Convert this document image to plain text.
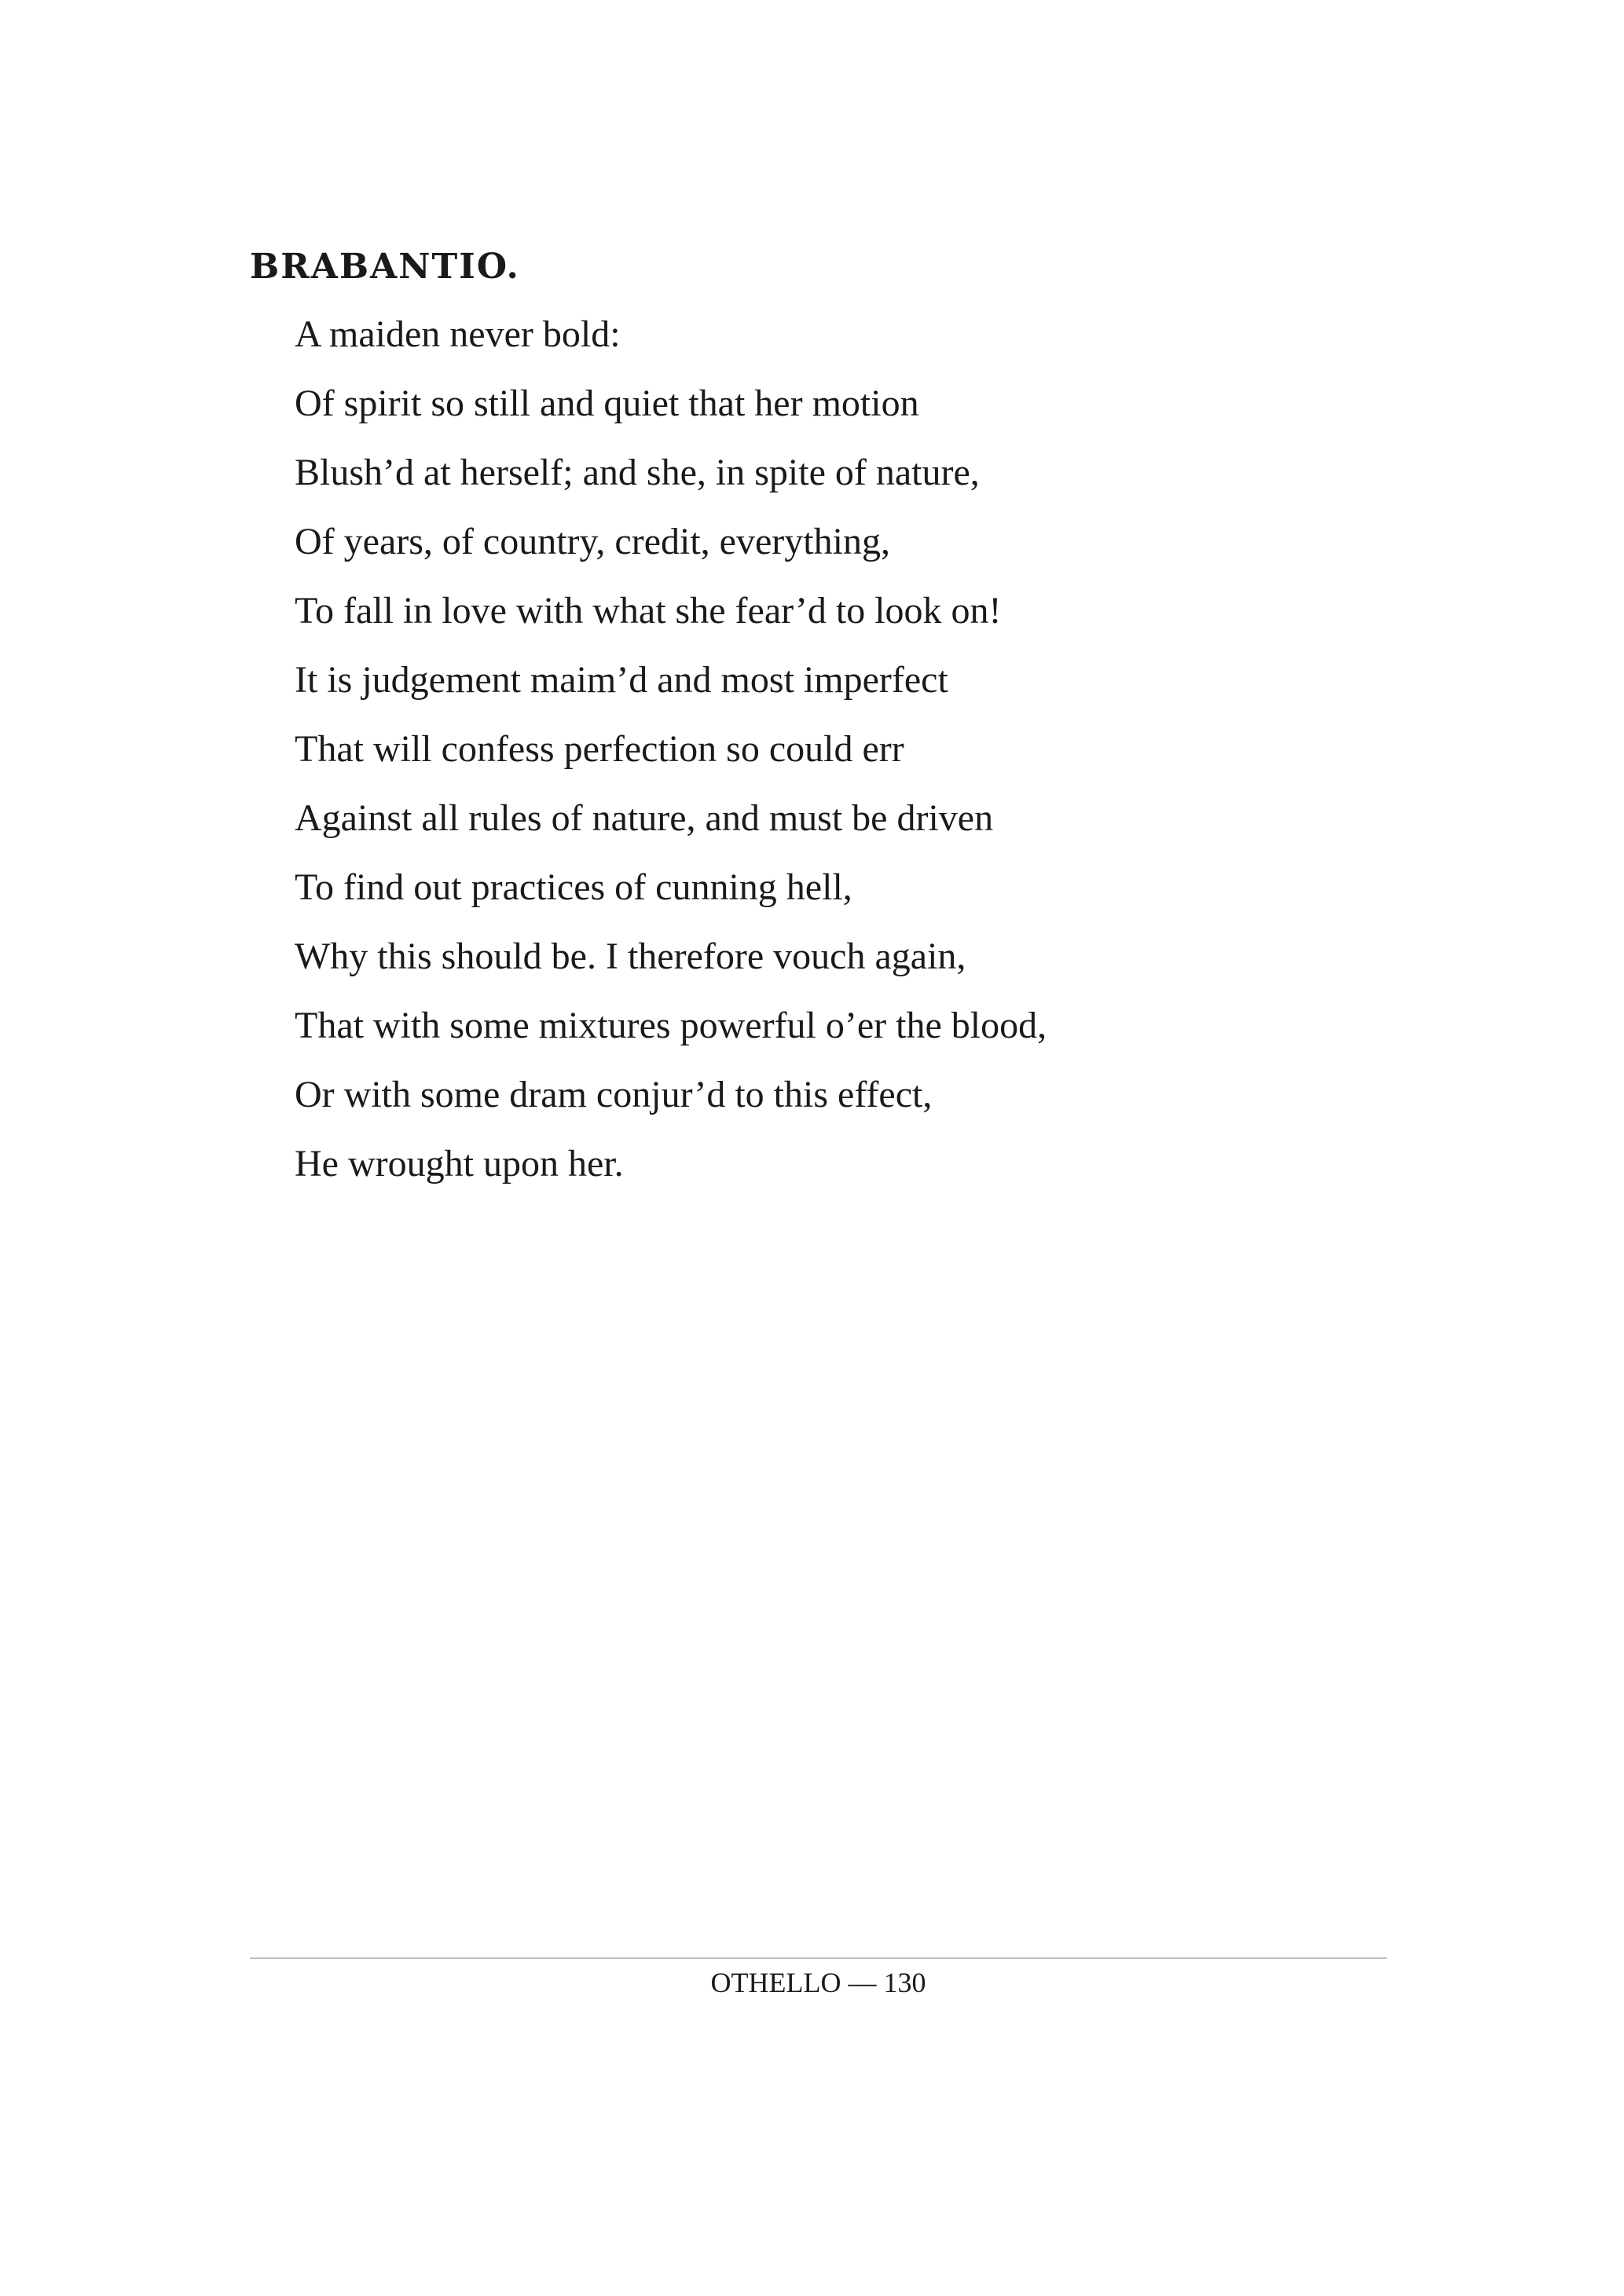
BRABANTIO.

A maiden never bold:
Of spirit so still and quiet that her motion
Blush’d at herself; and she, in spite of nature,
Of years, of country, credit, everything,
To fall in love with what she fear’d to look on!
It is judgement maim’d and most imperfect
That will confess perfection so could err
Against all rules of nature, and must be driven
To find out practices of cunning hell,
Why this should be. I therefore vouch again,
That with some mixtures powerful o’er the blood,
Or with some dram conjur’d to this effect,
He wrought upon her.
OTHELLO — 130
